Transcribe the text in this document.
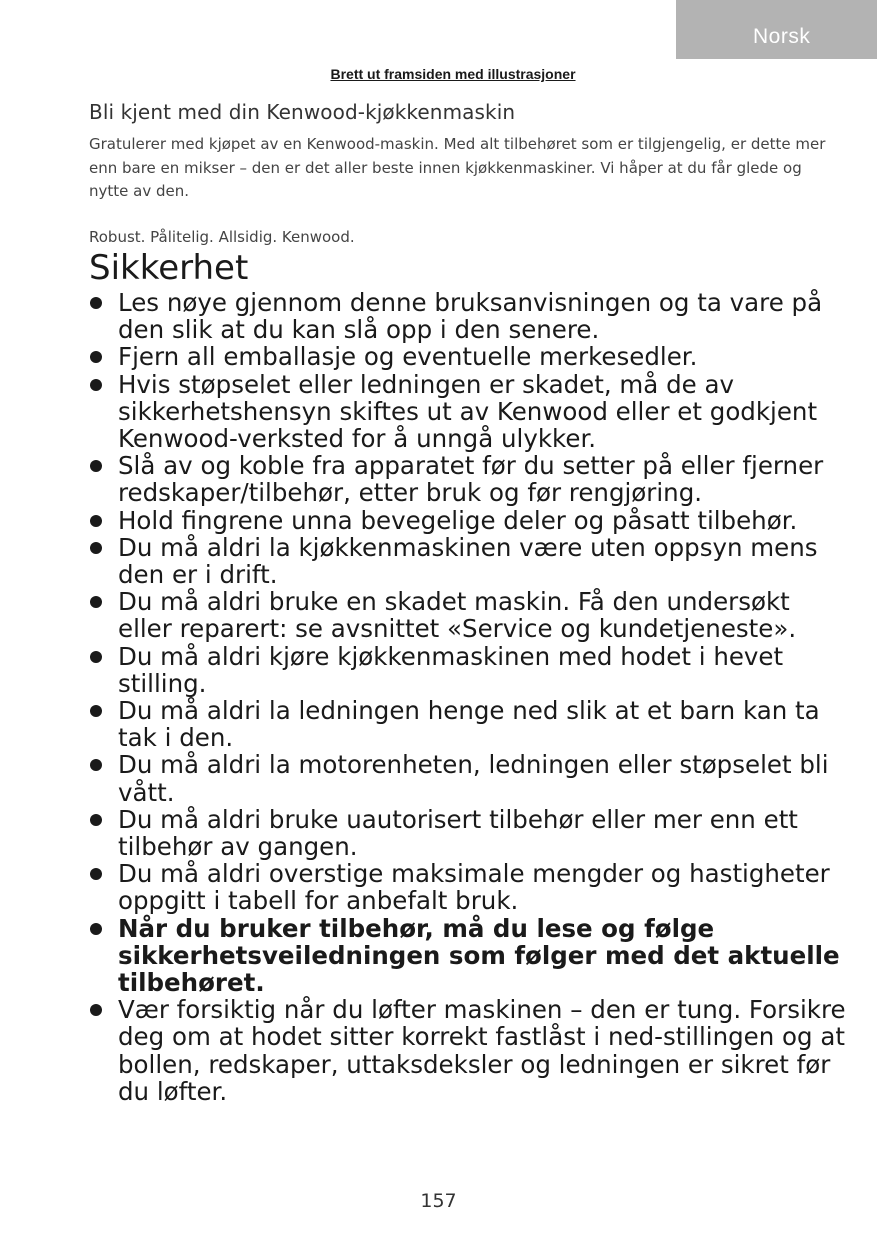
Norsk
Brett ut framsiden med illustrasjoner
Bli kjent med din Kenwood-kjøkkenmaskin

Gratulerer med kjøpet av en Kenwood-maskin. Med alt tilbehøret som er tilgjengelig, er dette mer enn bare en mikser – den er det aller beste innen kjøkkenmaskiner. Vi håper at du får glede og nytte av den.

Robust. Pålitelig. Allsidig. Kenwood.
Sikkerhet
Les nøye gjennom denne bruksanvisningen og ta vare på den slik at du kan slå opp i den senere.
Fjern all emballasje og eventuelle merkesedler.
Hvis støpselet eller ledningen er skadet, må de av sikkerhetshensyn skiftes ut av Kenwood eller et godkjent Kenwood-verksted for å unngå ulykker.
Slå av og koble fra apparatet før du setter på eller fjerner redskaper/tilbehør, etter bruk og før rengjøring.
Hold fingrene unna bevegelige deler og påsatt tilbehør.
Du må aldri la kjøkkenmaskinen være uten oppsyn mens den er i drift.
Du må aldri bruke en skadet maskin. Få den undersøkt eller reparert: se avsnittet «Service og kundetjeneste».
Du må aldri kjøre kjøkkenmaskinen med hodet i hevet stilling.
Du må aldri la ledningen henge ned slik at et barn kan ta tak i den.
Du må aldri la motorenheten, ledningen eller støpselet bli vått.
Du må aldri bruke uautorisert tilbehør eller mer enn ett tilbehør av gangen.
Du må aldri overstige maksimale mengder og hastigheter oppgitt i tabell for anbefalt bruk.
Når du bruker tilbehør, må du lese og følge sikkerhetsveiledningen som følger med det aktuelle tilbehøret.
Vær forsiktig når du løfter maskinen – den er tung. Forsikre deg om at hodet sitter korrekt fastlåst i ned-stillingen og at bollen, redskaper, uttaksdeksler og ledningen er sikret før du løfter.
157
